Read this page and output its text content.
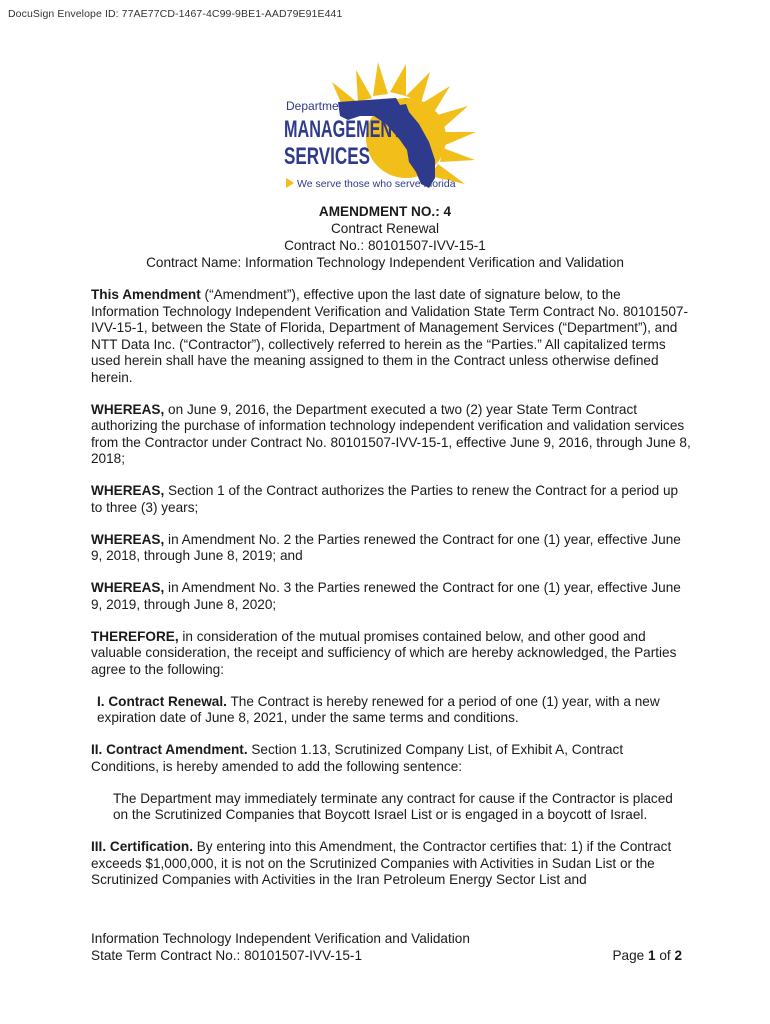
DocuSign Envelope ID: 77AE77CD-1467-4C99-9BE1-AAD79E91E441
Department of
MANAGEMENT
SERVICES
We serve those who serve Florida
AMENDMENT NO.: 4
Contract Renewal
Contract No.: 80101507-IVV-15-1
Contract Name: Information Technology Independent Verification and Validation

This Amendment (“Amendment”), effective upon the last date of signature below, to the Information Technology Independent Verification and Validation State Term Contract No. 80101507-IVV-15-1, between the State of Florida, Department of Management Services (“Department”), and NTT Data Inc. (“Contractor”), collectively referred to herein as the “Parties.” All capitalized terms used herein shall have the meaning assigned to them in the Contract unless otherwise defined herein.

WHEREAS, on June 9, 2016, the Department executed a two (2) year State Term Contract authorizing the purchase of information technology independent verification and validation services from the Contractor under Contract No. 80101507-IVV-15-1, effective June 9, 2016, through June 8, 2018;

WHEREAS, Section 1 of the Contract authorizes the Parties to renew the Contract for a period up to three (3) years;

WHEREAS, in Amendment No. 2 the Parties renewed the Contract for one (1) year, effective June 9, 2018, through June 8, 2019; and

WHEREAS, in Amendment No. 3 the Parties renewed the Contract for one (1) year, effective June 9, 2019, through June 8, 2020;

THEREFORE, in consideration of the mutual promises contained below, and other good and valuable consideration, the receipt and sufficiency of which are hereby acknowledged, the Parties agree to the following:

I. Contract Renewal. The Contract is hereby renewed for a period of one (1) year, with a new expiration date of June 8, 2021, under the same terms and conditions.

II. Contract Amendment. Section 1.13, Scrutinized Company List, of Exhibit A, Contract Conditions, is hereby amended to add the following sentence:

The Department may immediately terminate any contract for cause if the Contractor is placed on the Scrutinized Companies that Boycott Israel List or is engaged in a boycott of Israel.

III. Certification. By entering into this Amendment, the Contractor certifies that: 1) if the Contract exceeds $1,000,000, it is not on the Scrutinized Companies with Activities in Sudan List or the Scrutinized Companies with Activities in the Iran Petroleum Energy Sector List and

Information Technology Independent Verification and Validation
State Term Contract No.: 80101507-IVV-15-1	Page 1 of 2
